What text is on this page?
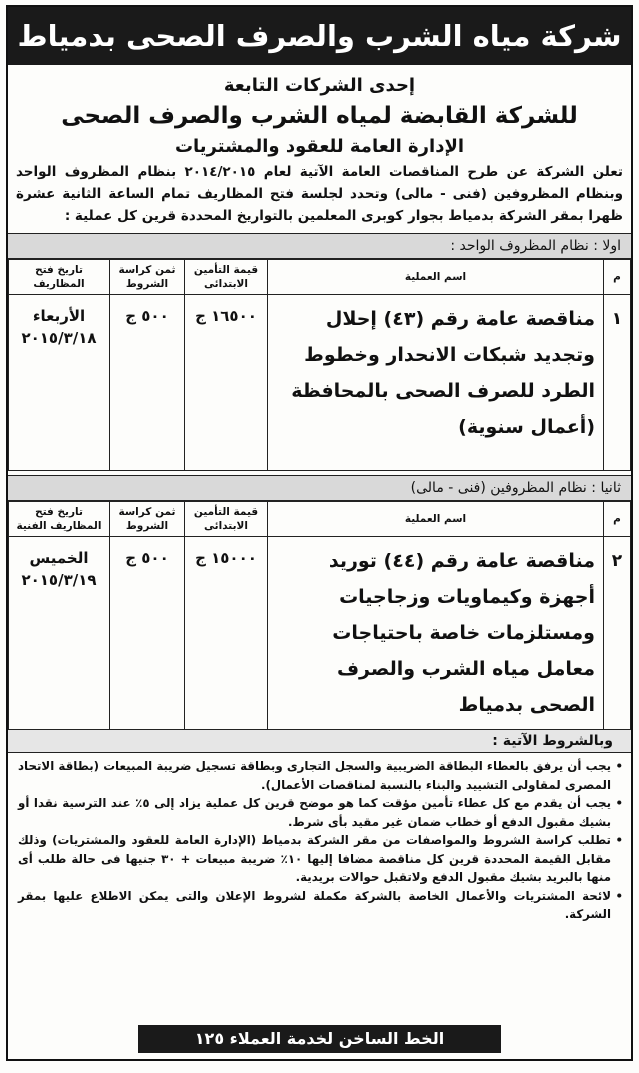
شركة مياه الشرب والصرف الصحى بدمياط
إحدى الشركات التابعة
للشركة القابضة لمياه الشرب والصرف الصحى
الإدارة العامة للعقود والمشتريات
تعلن الشركة عن طرح المناقصات العامة الآتية لعام ٢٠١٤/٢٠١٥ بنظام المظروف الواحد وبنظام المظروفين (فنى - مالى) وتحدد لجلسة فتح المظاريف تمام الساعة الثانية عشرة ظهرا بمقر الشركة بدمياط بجوار كوبرى المعلمين بالتواريخ المحددة قرين كل عملية :
اولا : نظام المظروف الواحد :
م	اسم العملية	قيمة التأمين الابتدائى	ثمن كراسة الشروط	تاريخ فتح المظاريف
١	مناقصة عامة رقم (٤٣) إحلال وتجديد شبكات الانحدار وخطوط الطرد للصرف الصحى بالمحافظة (أعمال سنوية)	١٦٥٠٠ ج	٥٠٠ ج	الأربعاء
٢٠١٥/٣/١٨
ثانيا : نظام المظروفين (فنى - مالى)
م	اسم العملية	قيمة التأمين الابتدائى	ثمن كراسة الشروط	تاريخ فتح المظاريف الفنية
٢	مناقصة عامة رقم (٤٤) توريد أجهزة وكيماويات وزجاجيات ومستلزمات خاصة باحتياجات معامل مياه الشرب والصرف الصحى بدمياط	١٥٠٠٠ ج	٥٠٠ ج	الخميس
٢٠١٥/٣/١٩
وبالشروط الآتية :
• يجب أن يرفق بالعطاء البطاقة الضريبية والسجل التجارى وبطاقة تسجيل ضريبة المبيعات (بطاقة الاتحاد المصرى لمقاولى التشييد والبناء بالنسبة لمناقصات الأعمال).
• يجب أن يقدم مع كل عطاء تأمين مؤقت كما هو موضح قرين كل عملية يزاد إلى ٥٪ عند الترسية نقدا أو بشيك مقبول الدفع أو خطاب ضمان غير مقيد بأى شرط.
• تطلب كراسة الشروط والمواصفات من مقر الشركة بدمياط (الإدارة العامة للعقود والمشتريات) وذلك مقابل القيمة المحددة قرين كل مناقصة مضافا إليها ١٠٪ ضريبة مبيعات + ٣٠ جنيها فى حالة طلب أى منها بالبريد بشيك مقبول الدفع ولاتقبل حوالات بريدية.
• لائحة المشتريات والأعمال الخاصة بالشركة مكملة لشروط الإعلان والتى يمكن الاطلاع عليها بمقر الشركة.
الخط الساخن لخدمة العملاء ١٢٥
